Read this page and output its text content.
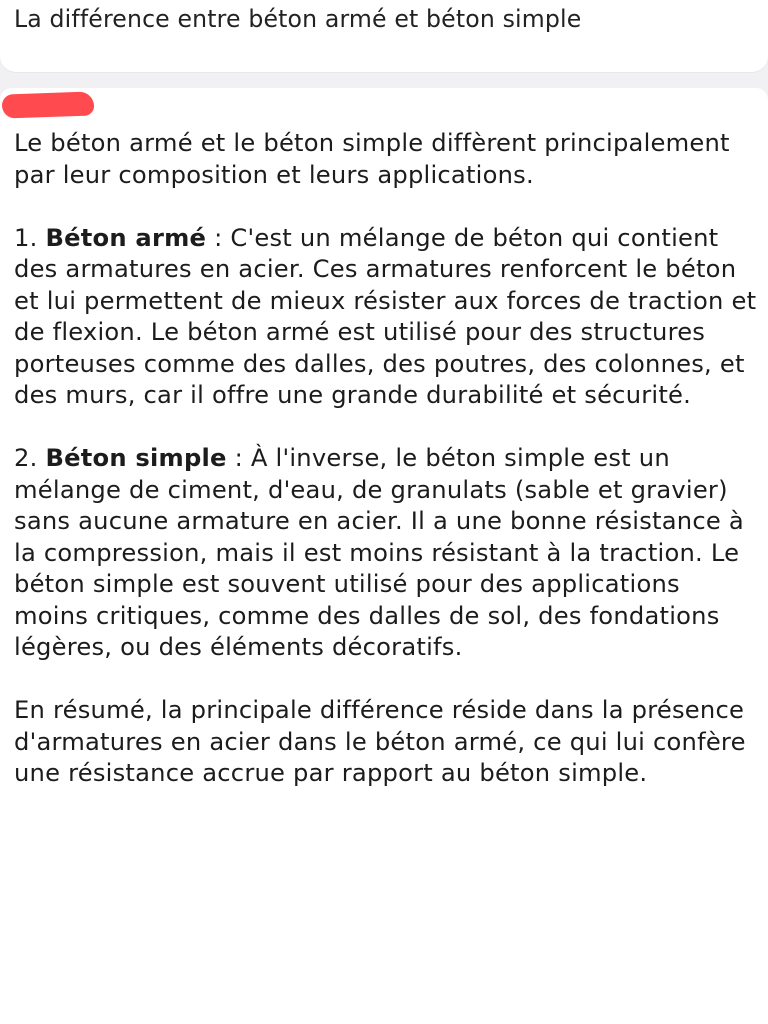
La différence entre béton armé et béton simple

Le béton armé et le béton simple diffèrent principalement par leur composition et leurs applications.

1. Béton armé : C'est un mélange de béton qui contient des armatures en acier. Ces armatures renforcent le béton et lui permettent de mieux résister aux forces de traction et de flexion. Le béton armé est utilisé pour des structures porteuses comme des dalles, des poutres, des colonnes, et des murs, car il offre une grande durabilité et sécurité.

2. Béton simple : À l'inverse, le béton simple est un mélange de ciment, d'eau, de granulats (sable et gravier) sans aucune armature en acier. Il a une bonne résistance à la compression, mais il est moins résistant à la traction. Le béton simple est souvent utilisé pour des applications moins critiques, comme des dalles de sol, des fondations légères, ou des éléments décoratifs.

En résumé, la principale différence réside dans la présence d'armatures en acier dans le béton armé, ce qui lui confère une résistance accrue par rapport au béton simple.
